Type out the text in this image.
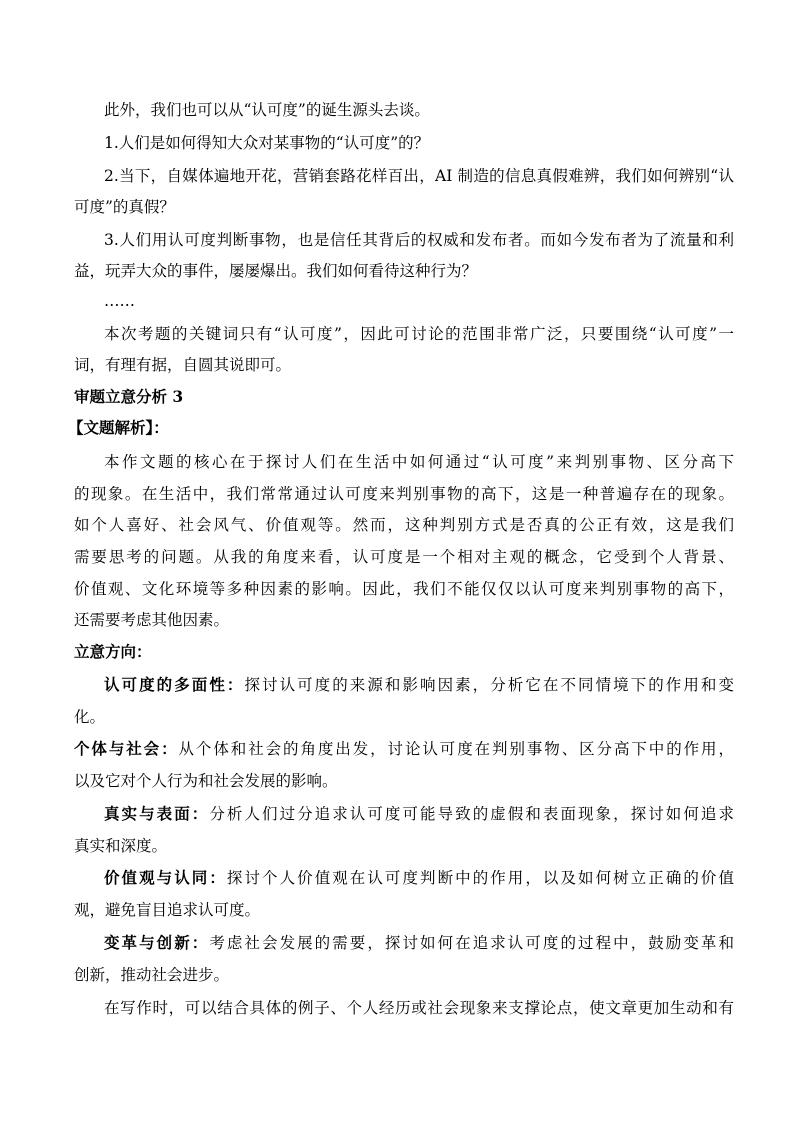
此外，我们也可以从“认可度”的诞生源头去谈。
1.人们是如何得知大众对某事物的“认可度”的？
2.当下，自媒体遍地开花，营销套路花样百出，AI 制造的信息真假难辨，我们如何辨别“认
可度”的真假？
3.人们用认可度判断事物，也是信任其背后的权威和发布者。而如今发布者为了流量和利
益，玩弄大众的事件，屡屡爆出。我们如何看待这种行为？
……
本次考题的关键词只有“认可度”，因此可讨论的范围非常广泛，只要围绕“认可度”一
词，有理有据，自圆其说即可。
审题立意分析 3
【文题解析】：
本作文题的核心在于探讨人们在生活中如何通过“认可度”来判别事物、区分高下
的现象。在生活中，我们常常通过认可度来判别事物的高下，这是一种普遍存在的现象。
如个人喜好、社会风气、价值观等。然而，这种判别方式是否真的公正有效，这是我们
需要思考的问题。从我的角度来看，认可度是一个相对主观的概念，它受到个人背景、
价值观、文化环境等多种因素的影响。因此，我们不能仅仅以认可度来判别事物的高下，
还需要考虑其他因素。
立意方向：
认可度的多面性：探讨认可度的来源和影响因素，分析它在不同情境下的作用和变
化。
个体与社会：从个体和社会的角度出发，讨论认可度在判别事物、区分高下中的作用，
以及它对个人行为和社会发展的影响。
真实与表面：分析人们过分追求认可度可能导致的虚假和表面现象，探讨如何追求
真实和深度。
价值观与认同：探讨个人价值观在认可度判断中的作用，以及如何树立正确的价值
观，避免盲目追求认可度。
变革与创新：考虑社会发展的需要，探讨如何在追求认可度的过程中，鼓励变革和
创新，推动社会进步。
在写作时，可以结合具体的例子、个人经历或社会现象来支撑论点，使文章更加生动和有
